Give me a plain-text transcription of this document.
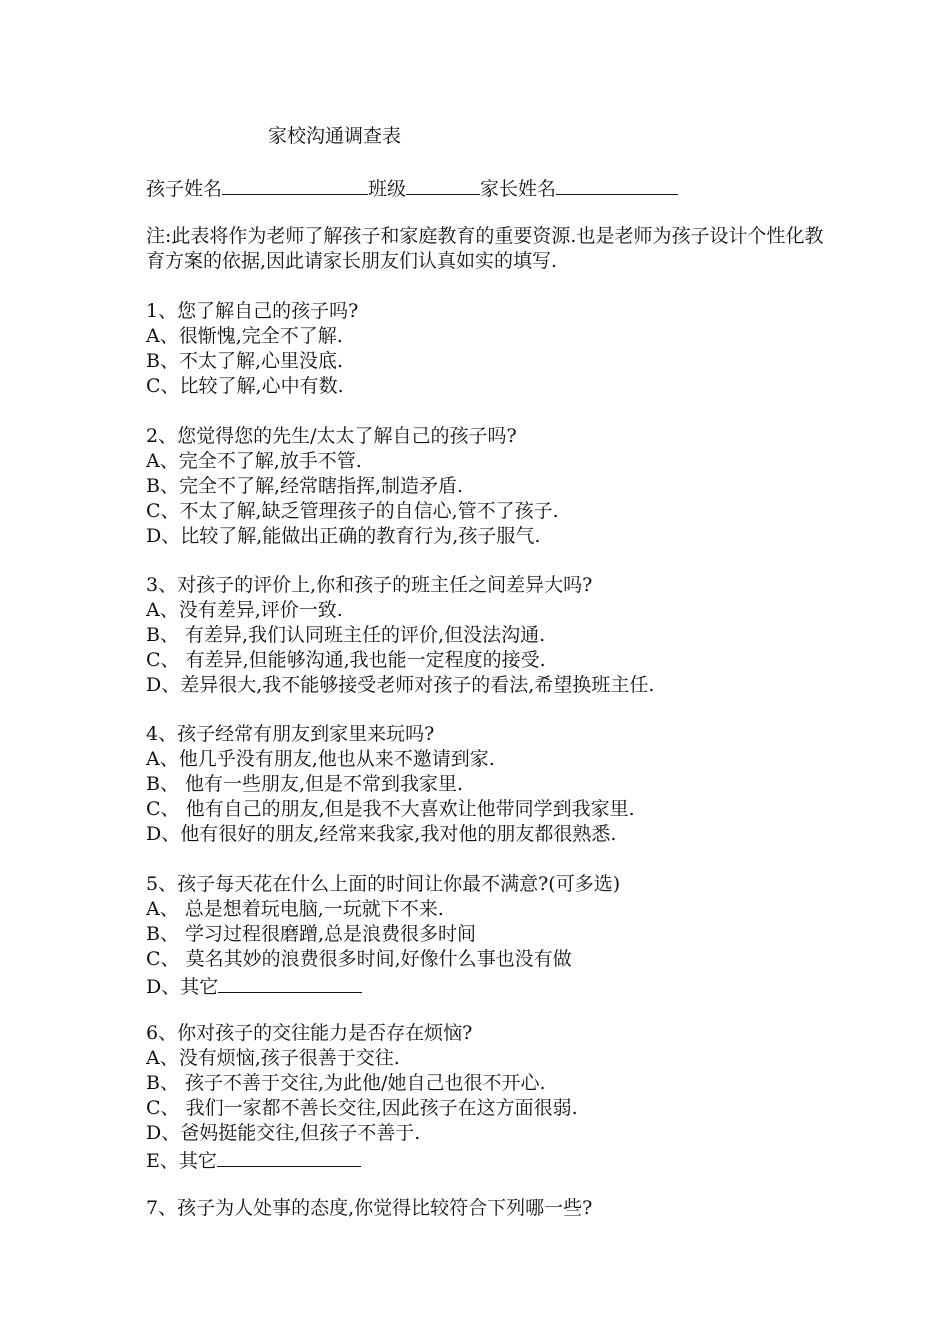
家校沟通调查表
孩子姓名	班级	家长姓名
注:此表将作为老师了解孩子和家庭教育的重要资源.也是老师为孩子设计个性化教育方案的依据,因此请家长朋友们认真如实的填写.
1、您了解自己的孩子吗?
A、很惭愧,完全不了解.
B、不太了解,心里没底.
C、比较了解,心中有数.
2、您觉得您的先生/太太了解自己的孩子吗?
A、完全不了解,放手不管.
B、完全不了解,经常瞎指挥,制造矛盾.
C、不太了解,缺乏管理孩子的自信心,管不了孩子.
D、比较了解,能做出正确的教育行为,孩子服气.
3、对孩子的评价上,你和孩子的班主任之间差异大吗?
A、没有差异,评价一致.
B、 有差异,我们认同班主任的评价,但没法沟通.
C、 有差异,但能够沟通,我也能一定程度的接受.
D、差异很大,我不能够接受老师对孩子的看法,希望换班主任.
4、孩子经常有朋友到家里来玩吗?
A、他几乎没有朋友,他也从来不邀请到家.
B、 他有一些朋友,但是不常到我家里.
C、 他有自己的朋友,但是我不大喜欢让他带同学到我家里.
D、他有很好的朋友,经常来我家,我对他的朋友都很熟悉.
5、孩子每天花在什么上面的时间让你最不满意?(可多选)
A、 总是想着玩电脑,一玩就下不来.
B、 学习过程很磨蹭,总是浪费很多时间
C、 莫名其妙的浪费很多时间,好像什么事也没有做
D、其它
6、你对孩子的交往能力是否存在烦恼?
A、没有烦恼,孩子很善于交往.
B、 孩子不善于交往,为此他/她自己也很不开心.
C、 我们一家都不善长交往,因此孩子在这方面很弱.
D、爸妈挺能交往,但孩子不善于.
E、其它
7、孩子为人处事的态度,你觉得比较符合下列哪一些?
